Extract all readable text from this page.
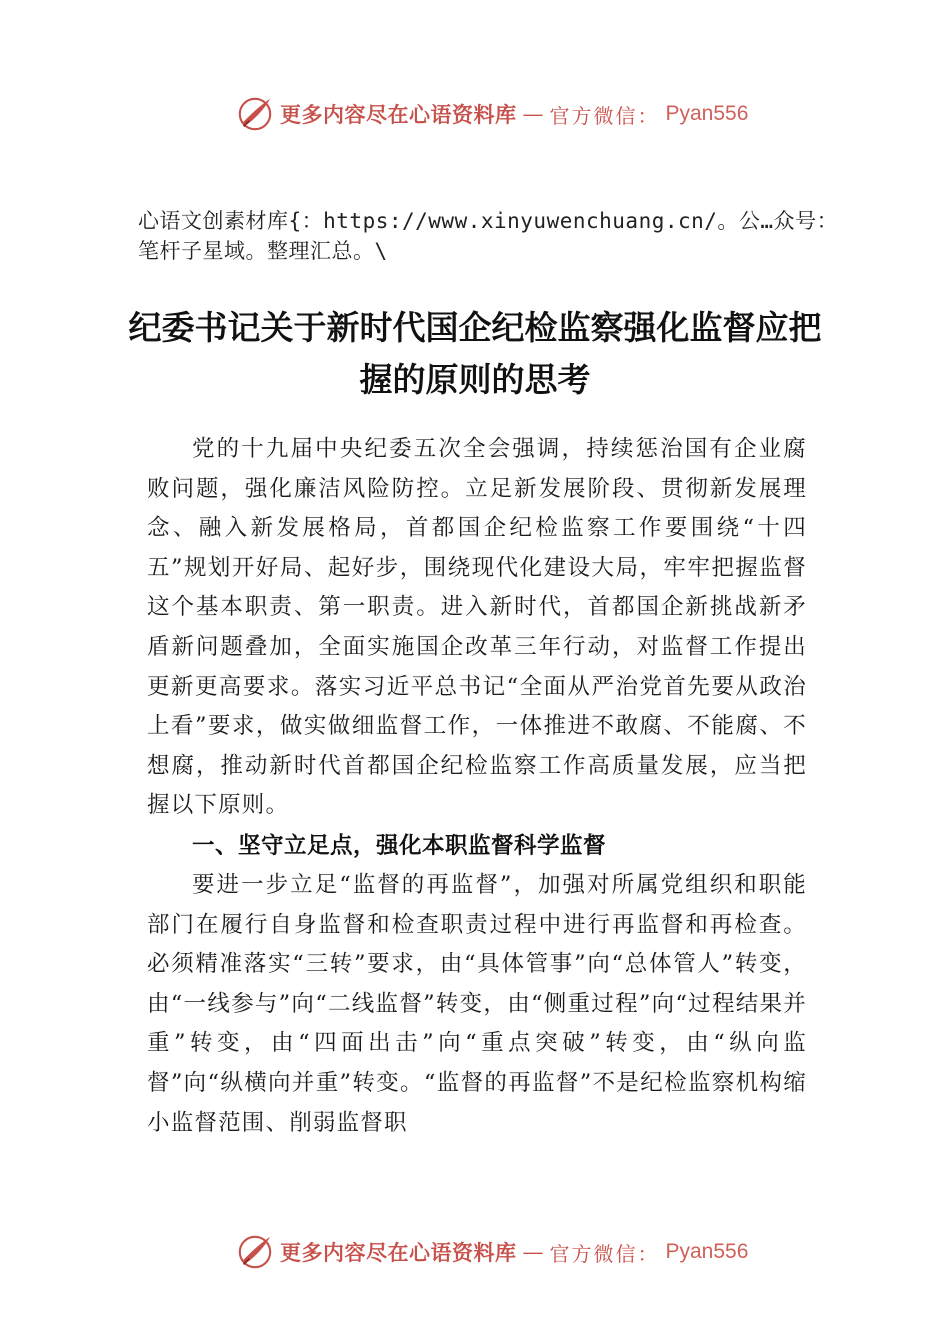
更多内容尽在心语资料库 — 官方微信： Pyan556
心语文创素材库{：https://www.xinyuwenchuang.cn/。公…众号：笔杆子星域。整理汇总。\
纪委书记关于新时代国企纪检监察强化监督应把握的原则的思考

党的十九届中央纪委五次全会强调，持续惩治国有企业腐败问题，强化廉洁风险防控。立足新发展阶段、贯彻新发展理念、融入新发展格局，首都国企纪检监察工作要围绕“十四五”规划开好局、起好步，围绕现代化建设大局，牢牢把握监督这个基本职责、第一职责。进入新时代，首都国企新挑战新矛盾新问题叠加，全面实施国企改革三年行动，对监督工作提出更新更高要求。落实习近平总书记“全面从严治党首先要从政治上看”要求，做实做细监督工作，一体推进不敢腐、不能腐、不想腐，推动新时代首都国企纪检监察工作高质量发展，应当把握以下原则。

一、坚守立足点，强化本职监督科学监督

要进一步立足“监督的再监督”，加强对所属党组织和职能部门在履行自身监督和检查职责过程中进行再监督和再检查。必须精准落实“三转”要求，由“具体管事”向“总体管人”转变，由“一线参与”向“二线监督”转变，由“侧重过程”向“过程结果并重”转变，由“四面出击”向“重点突破”转变，由“纵向监督”向“纵横向并重”转变。“监督的再监督”不是纪检监察机构缩小监督范围、削弱监督职

更多内容尽在心语资料库 — 官方微信： Pyan556
